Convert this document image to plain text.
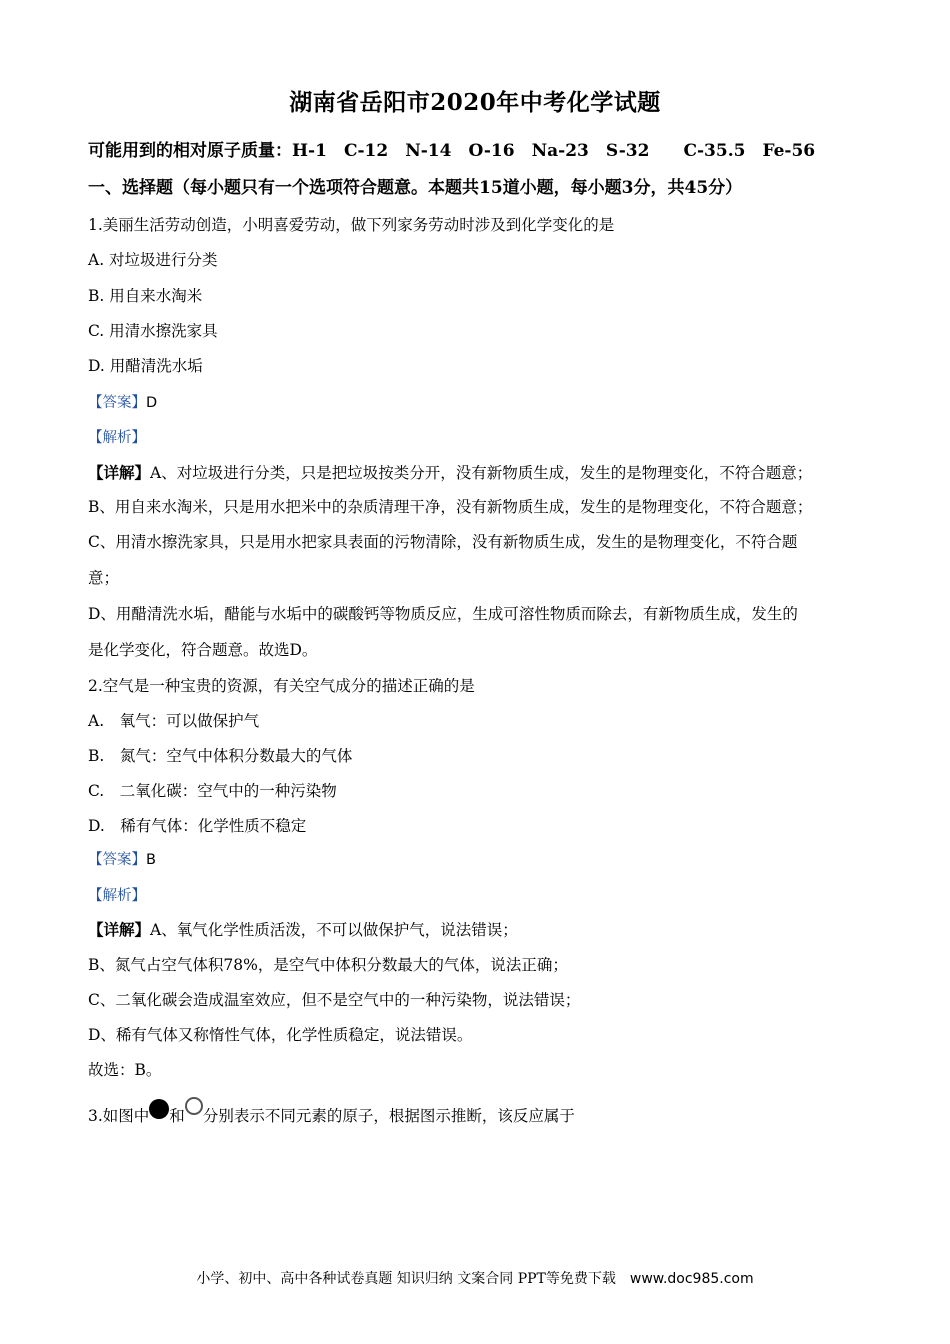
湖南省岳阳市2020年中考化学试题
可能用到的相对原子质量：H-1　C-12　N-14　O-16　Na-23　S-32　　C-35.5　Fe-56
一、选择题（每小题只有一个选项符合题意。本题共15道小题，每小题3分，共45分）
1.美丽生活劳动创造，小明喜爱劳动，做下列家务劳动时涉及到化学变化的是
A. 对垃圾进行分类
B. 用自来水淘米
C. 用清水擦洗家具
D. 用醋清洗水垢
【答案】D
【解析】
【详解】A、对垃圾进行分类，只是把垃圾按类分开，没有新物质生成，发生的是物理变化，不符合题意；
B、用自来水淘米，只是用水把米中的杂质清理干净，没有新物质生成，发生的是物理变化，不符合题意；
C、用清水擦洗家具，只是用水把家具表面的污物清除，没有新物质生成，发生的是物理变化，不符合题
意；
D、用醋清洗水垢，醋能与水垢中的碳酸钙等物质反应，生成可溶性物质而除去，有新物质生成，发生的
是化学变化，符合题意。故选D。
2.空气是一种宝贵的资源，有关空气成分的描述正确的是
A.　氧气：可以做保护气
B.　氮气：空气中体积分数最大的气体
C.　二氧化碳：空气中的一种污染物
D.　稀有气体：化学性质不稳定
【答案】B
【解析】
【详解】A、氧气化学性质活泼，不可以做保护气，说法错误；
B、氮气占空气体积78%，是空气中体积分数最大的气体，说法正确；
C、二氧化碳会造成温室效应，但不是空气中的一种污染物，说法错误；
D、稀有气体又称惰性气体，化学性质稳定，说法错误。
故选：B。
3.如图中 和 分别表示不同元素的原子，根据图示推断，该反应属于
小学、初中、高中各种试卷真题 知识归纳 文案合同 PPT等免费下载　www.doc985.com
